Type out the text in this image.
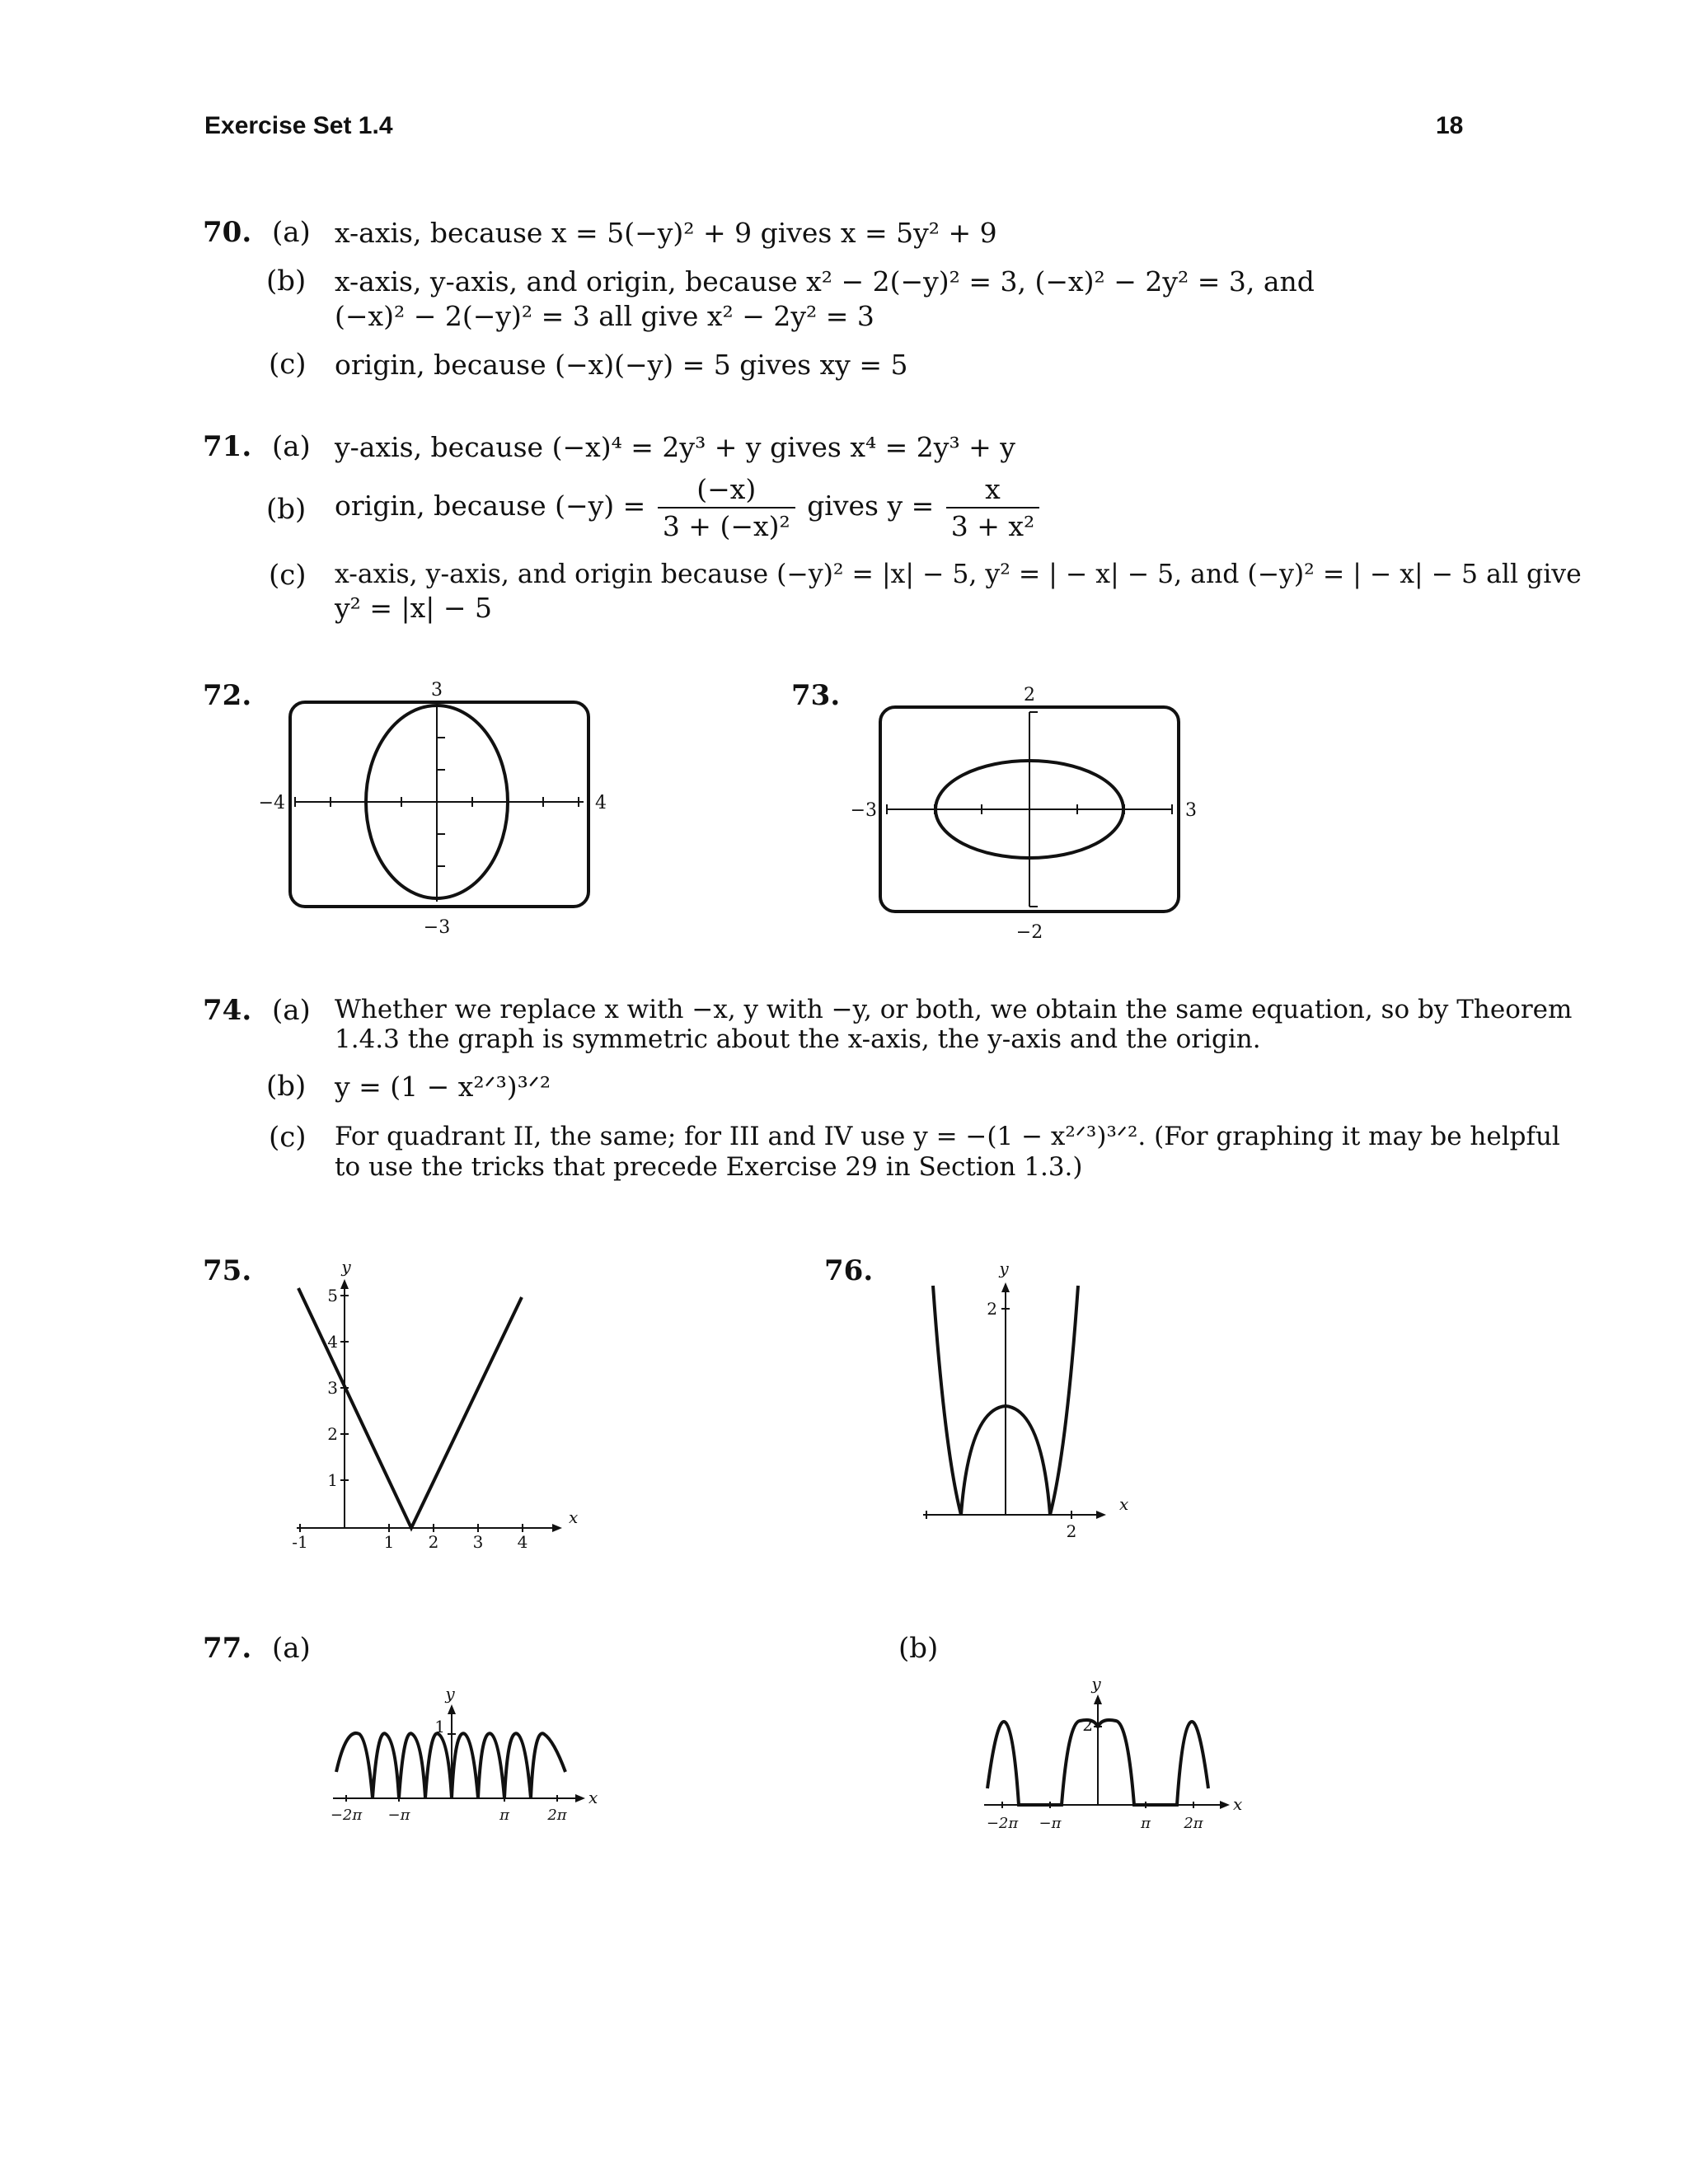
Exercise Set 1.4	18
70. (a) x-axis, because x = 5(−y)² + 9 gives x = 5y² + 9
(b) x-axis, y-axis, and origin, because x² − 2(−y)² = 3, (−x)² − 2y² = 3, and
(−x)² − 2(−y)² = 3 all give x² − 2y² = 3
(c) origin, because (−x)(−y) = 5 gives xy = 5
71. (a) y-axis, because (−x)⁴ = 2y³ + y gives x⁴ = 2y³ + y
(b) origin, because $(-y) = \frac{(-x)}{\text{3 + (−x)²}}$ gives $y = \frac{x}{\text{3 + x²}}$
(c) x-axis, y-axis, and origin because (−y)² = |x| − 5, y² = | − x| − 5, and (−y)² = | − x| − 5 all give
y² = |x| − 5
72.	3
−3
−4	4
73.	2
−2
−3	3
74. (a) Whether we replace x with −x, y with −y, or both, we obtain the same equation, so by Theorem
1.4.3 the graph is symmetric about the x-axis, the y-axis and the origin.
(b) y = (1 − x²ᐟ³)³ᐟ²
(c) For quadrant II, the same; for III and IV use y = −(1 − x²ᐟ³)³ᐟ². (For graphing it may be helpful
to use the tricks that precede Exercise 29 in Section 1.3.)
75.	y
x
1
2
3
4
5
-1	1 2 3 4
76.	y
x
2
2
77. (a)	(b)
y
x
1
−2π −π	π	2π
y
x
2
−2π −π	π 2π
